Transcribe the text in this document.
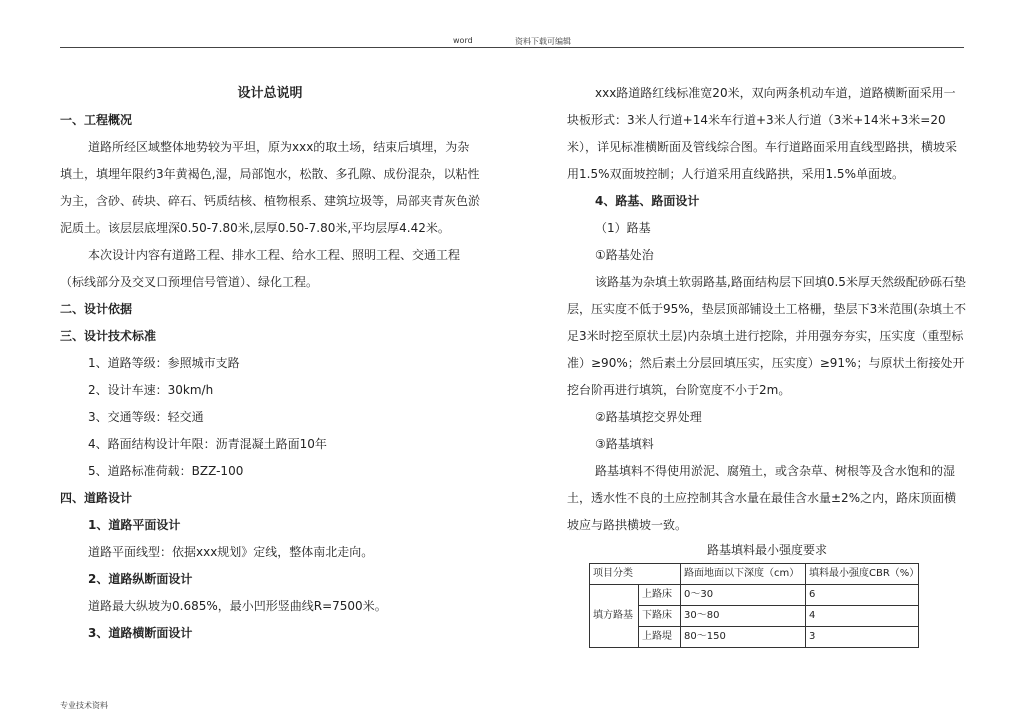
word	资料下载可编辑

设计总说明

一、工程概况

道路所经区域整体地势较为平坦，原为xxx的取土场，结束后填埋，为杂填土，填埋年限约3年黄褐色,湿，局部饱水，松散、多孔隙、成份混杂，以粘性为主，含砂、砖块、碎石、钙质结核、植物根系、建筑垃圾等，局部夹青灰色淤泥质土。该层层底埋深0.50-7.80米,层厚0.50-7.80米,平均层厚4.42米。

本次设计内容有道路工程、排水工程、给水工程、照明工程、交通工程（标线部分及交叉口预埋信号管道）、绿化工程。

二、设计依据

三、设计技术标准

1、道路等级：参照城市支路

2、设计车速：30km/h

3、交通等级：轻交通

4、路面结构设计年限：沥青混凝土路面10年

5、道路标准荷载：BZZ-100

四、道路设计

1、道路平面设计

道路平面线型：依据xxx规划》定线，整体南北走向。

2、道路纵断面设计

道路最大纵坡为0.685%，最小凹形竖曲线R=7500米。

3、道路横断面设计

xxx路道路红线标准宽20米，双向两条机动车道，道路横断面采用一块板形式：3米人行道+14米车行道+3米人行道（3米+14米+3米=20米），详见标准横断面及管线综合图。车行道路面采用直线型路拱，横坡采用1.5%双面坡控制；人行道采用直线路拱，采用1.5%单面坡。

4、路基、路面设计

（1）路基

①路基处治

该路基为杂填土软弱路基,路面结构层下回填0.5米厚天然级配砂砾石垫层，压实度不低于95%，垫层顶部铺设土工格栅，垫层下3米范围(杂填土不足3米时挖至原状土层)内杂填土进行挖除，并用强夯夯实，压实度（重型标准）≥90%；然后素土分层回填压实，压实度）≥91%；与原状土衔接处开挖台阶再进行填筑，台阶宽度不小于2m。

②路基填挖交界处理

③路基填料

路基填料不得使用淤泥、腐殖土，或含杂草、树根等及含水饱和的湿土，透水性不良的土应控制其含水量在最佳含水量±2%之内，路床顶面横坡应与路拱横坡一致。

路基填料最小强度要求

项目分类		路面地面以下深度（cm）	填料最小强度CBR（%）
填方路基	上路床	0～30	6
	下路床	30～80	4
	上路堤	80～150	3
专业技术资料
